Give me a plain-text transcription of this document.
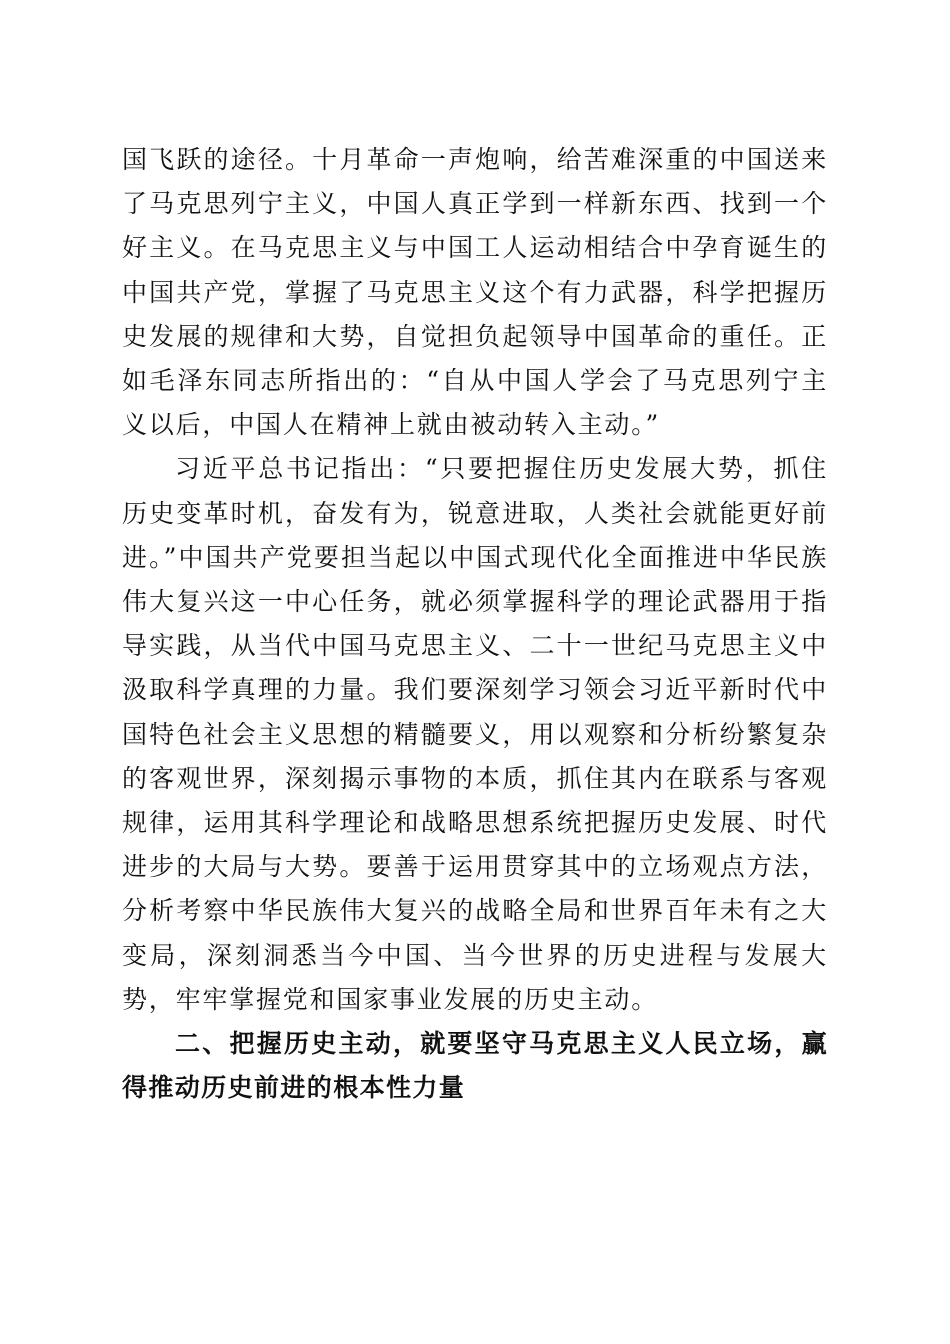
国飞跃的途径。十月革命一声炮响，给苦难深重的中国送来了马克思列宁主义，中国人真正学到一样新东西、找到一个好主义。在马克思主义与中国工人运动相结合中孕育诞生的中国共产党，掌握了马克思主义这个有力武器，科学把握历史发展的规律和大势，自觉担负起领导中国革命的重任。正如毛泽东同志所指出的：“自从中国人学会了马克思列宁主义以后，中国人在精神上就由被动转入主动。”

习近平总书记指出：“只要把握住历史发展大势，抓住历史变革时机，奋发有为，锐意进取，人类社会就能更好前进。”中国共产党要担当起以中国式现代化全面推进中华民族伟大复兴这一中心任务，就必须掌握科学的理论武器用于指导实践，从当代中国马克思主义、二十一世纪马克思主义中汲取科学真理的力量。我们要深刻学习领会习近平新时代中国特色社会主义思想的精髓要义，用以观察和分析纷繁复杂的客观世界，深刻揭示事物的本质，抓住其内在联系与客观规律，运用其科学理论和战略思想系统把握历史发展、时代进步的大局与大势。要善于运用贯穿其中的立场观点方法，分析考察中华民族伟大复兴的战略全局和世界百年未有之大变局，深刻洞悉当今中国、当今世界的历史进程与发展大势，牢牢掌握党和国家事业发展的历史主动。

二、把握历史主动，就要坚守马克思主义人民立场，赢得推动历史前进的根本性力量
